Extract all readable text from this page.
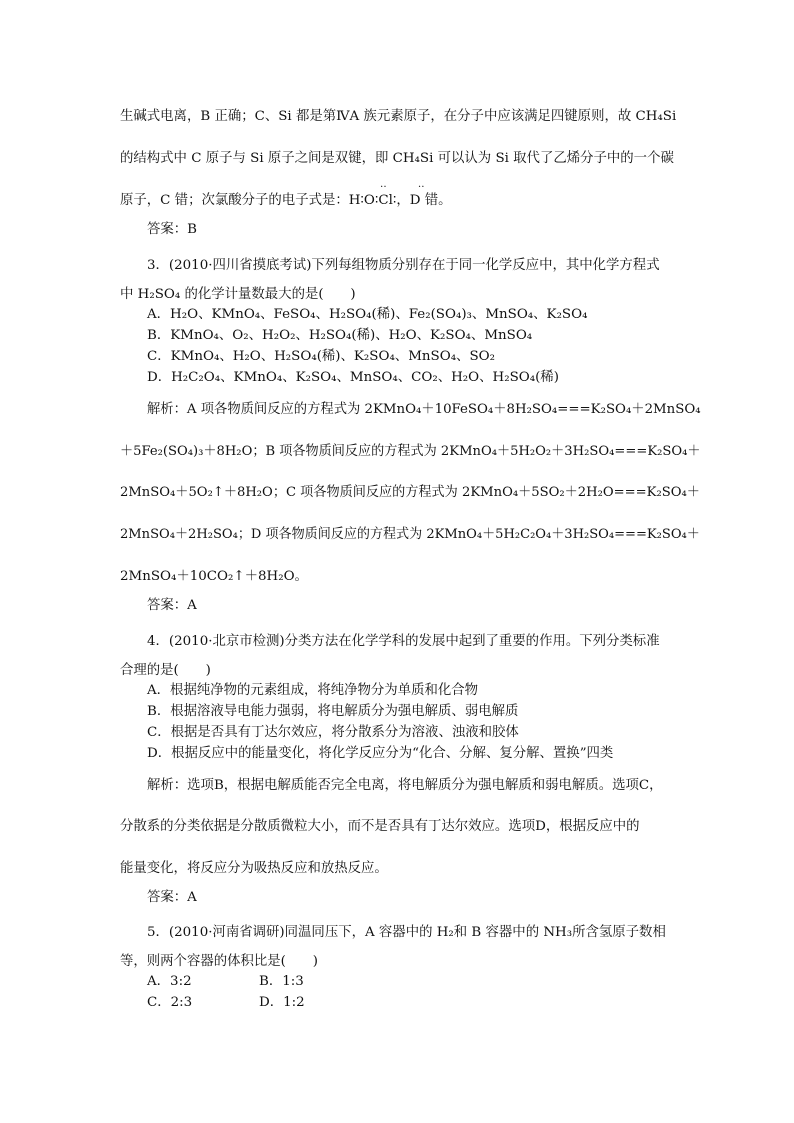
生碱式电离，B 正确；C、Si 都是第ⅣA 族元素原子，在分子中应该满足四键原则，故 CH₄Si
的结构式中 C 原子与 Si 原子之间是双键，即 CH₄Si 可以认为 Si 取代了乙烯分子中的一个碳
‥ ‥
原子，C 错；次氯酸分子的电子式是：H∶O∶Cl∶，D 错。
答案：B
3．(2010·四川省摸底考试)下列每组物质分别存在于同一化学反应中，其中化学方程式
中 H₂SO₄ 的化学计量数最大的是(　　)
A．H₂O、KMnO₄、FeSO₄、H₂SO₄(稀)、Fe₂(SO₄)₃、MnSO₄、K₂SO₄
B．KMnO₄、O₂、H₂O₂、H₂SO₄(稀)、H₂O、K₂SO₄、MnSO₄
C．KMnO₄、H₂O、H₂SO₄(稀)、K₂SO₄、MnSO₄、SO₂
D．H₂C₂O₄、KMnO₄、K₂SO₄、MnSO₄、CO₂、H₂O、H₂SO₄(稀)
解析：A 项各物质间反应的方程式为 2KMnO₄＋10FeSO₄＋8H₂SO₄===K₂SO₄＋2MnSO₄
＋5Fe₂(SO₄)₃＋8H₂O；B 项各物质间反应的方程式为 2KMnO₄＋5H₂O₂＋3H₂SO₄===K₂SO₄＋
2MnSO₄＋5O₂↑＋8H₂O；C 项各物质间反应的方程式为 2KMnO₄＋5SO₂＋2H₂O===K₂SO₄＋
2MnSO₄＋2H₂SO₄；D 项各物质间反应的方程式为 2KMnO₄＋5H₂C₂O₄＋3H₂SO₄===K₂SO₄＋
2MnSO₄＋10CO₂↑＋8H₂O。
答案：A
4．(2010·北京市检测)分类方法在化学学科的发展中起到了重要的作用。下列分类标准
合理的是(　　)
A．根据纯净物的元素组成，将纯净物分为单质和化合物
B．根据溶液导电能力强弱，将电解质分为强电解质、弱电解质
C．根据是否具有丁达尔效应，将分散系分为溶液、浊液和胶体
D．根据反应中的能量变化，将化学反应分为“化合、分解、复分解、置换”四类
解析：选项B，根据电解质能否完全电离，将电解质分为强电解质和弱电解质。选项C，
分散系的分类依据是分散质微粒大小，而不是否具有丁达尔效应。选项D，根据反应中的
能量变化，将反应分为吸热反应和放热反应。
答案：A
5．(2010·河南省调研)同温同压下，A 容器中的 H₂和 B 容器中的 NH₃所含氢原子数相
等，则两个容器的体积比是(　　)
A．3:2	B．1:3
C．2:3	D．1:2
